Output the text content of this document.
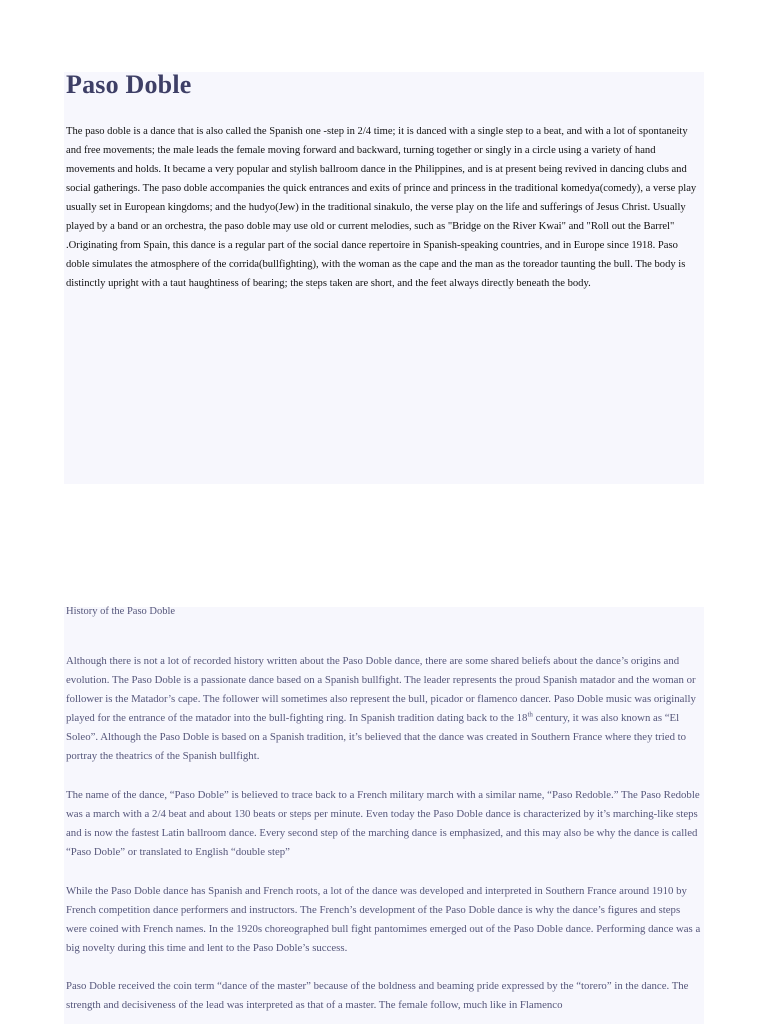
Paso Doble

The paso doble is a dance that is also called the Spanish one -step in 2/4 time; it is danced with a single step to a beat, and with a lot of spontaneity and free movements; the male leads the female moving forward and backward, turning together or singly in a circle using a variety of hand movements and holds. It became a very popular and stylish ballroom dance in the Philippines, and is at present being revived in dancing clubs and social gatherings. The paso doble accompanies the quick entrances and exits of prince and princess in the traditional komedya(comedy), a verse play usually set in European kingdoms; and the hudyo(Jew) in the traditional sinakulo, the verse play on the life and sufferings of Jesus Christ. Usually played by a band or an orchestra, the paso doble may use old or current melodies, such as "Bridge on the River Kwai" and "Roll out the Barrel" .Originating from Spain, this dance is a regular part of the social dance repertoire in Spanish-speaking countries, and in Europe since 1918. Paso doble simulates the atmosphere of the corrida(bullfighting), with the woman as the cape and the man as the toreador taunting the bull. The body is distinctly upright with a taut haughtiness of bearing; the steps taken are short, and the feet always directly beneath the body.

History of the Paso Doble

Although there is not a lot of recorded history written about the Paso Doble dance, there are some shared beliefs about the dance’s origins and evolution. The Paso Doble is a passionate dance based on a Spanish bullfight. The leader represents the proud Spanish matador and the woman or follower is the Matador’s cape. The follower will sometimes also represent the bull, picador or flamenco dancer. Paso Doble music was originally played for the entrance of the matador into the bull-fighting ring. In Spanish tradition dating back to the 18th century, it was also known as “El Soleo”. Although the Paso Doble is based on a Spanish tradition, it’s believed that the dance was created in Southern France where they tried to portray the theatrics of the Spanish bullfight.

The name of the dance, “Paso Doble” is believed to trace back to a French military march with a similar name, “Paso Redoble.” The Paso Redoble was a march with a 2/4 beat and about 130 beats or steps per minute. Even today the Paso Doble dance is characterized by it’s marching-like steps and is now the fastest Latin ballroom dance. Every second step of the marching dance is emphasized, and this may also be why the dance is called “Paso Doble” or translated to English “double step”

While the Paso Doble dance has Spanish and French roots, a lot of the dance was developed and interpreted in Southern France around 1910 by French competition dance performers and instructors. The French’s development of the Paso Doble dance is why the dance’s figures and steps were coined with French names. In the 1920s choreographed bull fight pantomimes emerged out of the Paso Doble dance. Performing dance was a big novelty during this time and lent to the Paso Doble’s success.

Paso Doble received the coin term “dance of the master” because of the boldness and beaming pride expressed by the “torero” in the dance. The strength and decisiveness of the lead was interpreted as that of a master. The female follow, much like in Flamenco
